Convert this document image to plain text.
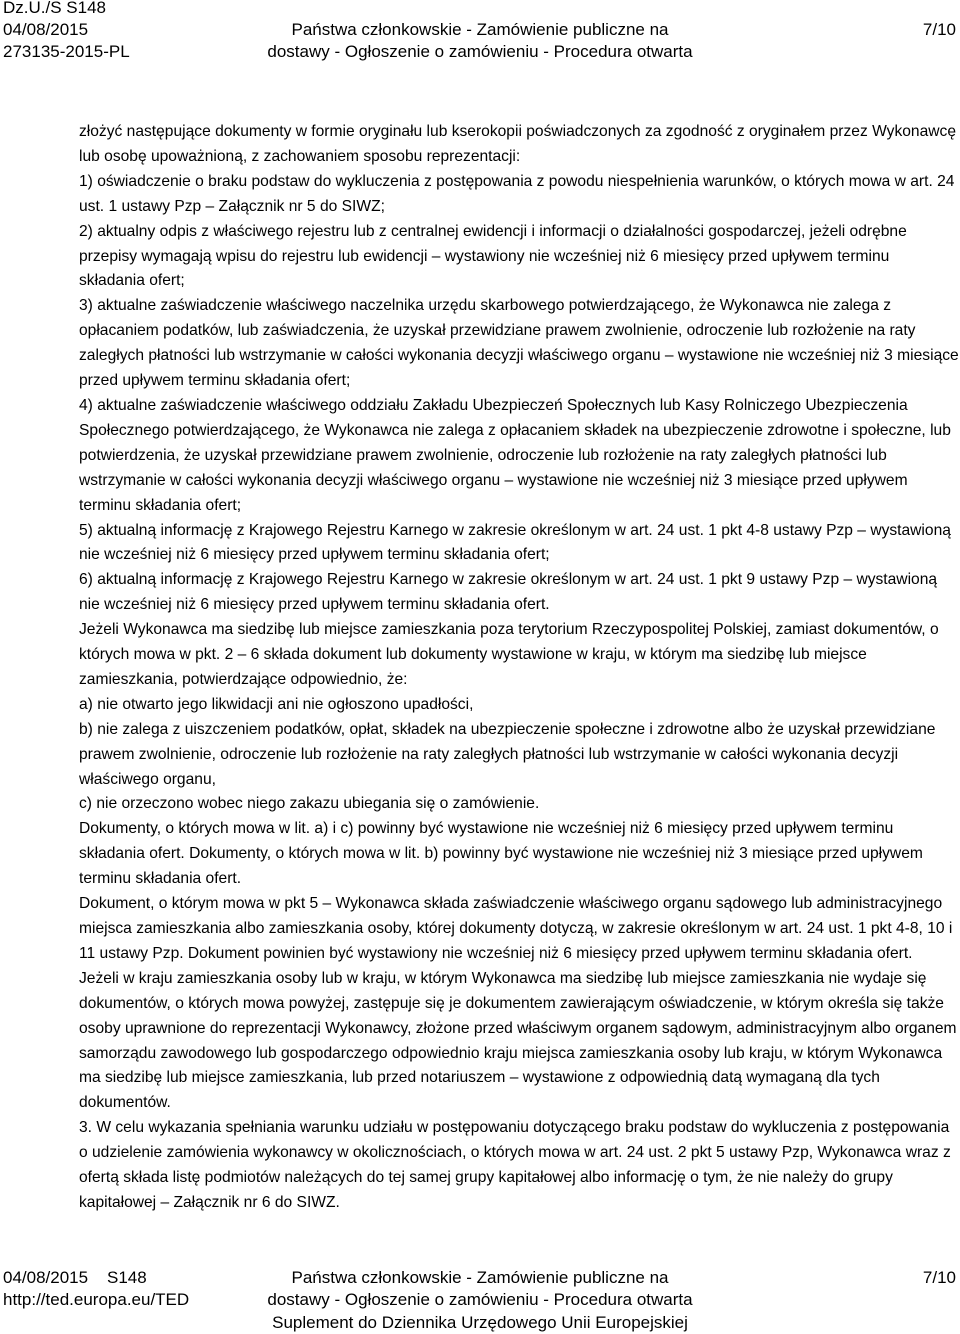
Dz.U./S S148
04/08/2015
273135-2015-PL
Państwa członkowskie - Zamówienie publiczne na
dostawy - Ogłoszenie o zamówieniu - Procedura otwarta
7/10

złożyć następujące dokumenty w formie oryginału lub kserokopii poświadczonych za zgodność z oryginałem przez Wykonawcę lub osobę upoważnioną, z zachowaniem sposobu reprezentacji:

1) oświadczenie o braku podstaw do wykluczenia z postępowania z powodu niespełnienia warunków, o których mowa w art. 24 ust. 1 ustawy Pzp – Załącznik nr 5 do SIWZ;

2) aktualny odpis z właściwego rejestru lub z centralnej ewidencji i informacji o działalności gospodarczej, jeżeli odrębne przepisy wymagają wpisu do rejestru lub ewidencji – wystawiony nie wcześniej niż 6 miesięcy przed upływem terminu składania ofert;

3) aktualne zaświadczenie właściwego naczelnika urzędu skarbowego potwierdzającego, że Wykonawca nie zalega z opłacaniem podatków, lub zaświadczenia, że uzyskał przewidziane prawem zwolnienie, odroczenie lub rozłożenie na raty zaległych płatności lub wstrzymanie w całości wykonania decyzji właściwego organu – wystawione nie wcześniej niż 3 miesiące przed upływem terminu składania ofert;

4) aktualne zaświadczenie właściwego oddziału Zakładu Ubezpieczeń Społecznych lub Kasy Rolniczego Ubezpieczenia Społecznego potwierdzającego, że Wykonawca nie zalega z opłacaniem składek na ubezpieczenie zdrowotne i społeczne, lub potwierdzenia, że uzyskał przewidziane prawem zwolnienie, odroczenie lub rozłożenie na raty zaległych płatności lub wstrzymanie w całości wykonania decyzji właściwego organu – wystawione nie wcześniej niż 3 miesiące przed upływem terminu składania ofert;

5) aktualną informację z Krajowego Rejestru Karnego w zakresie określonym w art. 24 ust. 1 pkt 4-8 ustawy Pzp – wystawioną nie wcześniej niż 6 miesięcy przed upływem terminu składania ofert;

6) aktualną informację z Krajowego Rejestru Karnego w zakresie określonym w art. 24 ust. 1 pkt 9 ustawy Pzp – wystawioną nie wcześniej niż 6 miesięcy przed upływem terminu składania ofert.

Jeżeli Wykonawca ma siedzibę lub miejsce zamieszkania poza terytorium Rzeczypospolitej Polskiej, zamiast dokumentów, o których mowa w pkt. 2 – 6 składa dokument lub dokumenty wystawione w kraju, w którym ma siedzibę lub miejsce zamieszkania, potwierdzające odpowiednio, że:

a) nie otwarto jego likwidacji ani nie ogłoszono upadłości,

b) nie zalega z uiszczeniem podatków, opłat, składek na ubezpieczenie społeczne i zdrowotne albo że uzyskał przewidziane prawem zwolnienie, odroczenie lub rozłożenie na raty zaległych płatności lub wstrzymanie w całości wykonania decyzji właściwego organu,

c) nie orzeczono wobec niego zakazu ubiegania się o zamówienie.

Dokumenty, o których mowa w lit. a) i c) powinny być wystawione nie wcześniej niż 6 miesięcy przed upływem terminu składania ofert. Dokumenty, o których mowa w lit. b) powinny być wystawione nie wcześniej niż 3 miesiące przed upływem terminu składania ofert.

Dokument, o którym mowa w pkt 5 – Wykonawca składa zaświadczenie właściwego organu sądowego lub administracyjnego miejsca zamieszkania albo zamieszkania osoby, której dokumenty dotyczą, w zakresie określonym w art. 24 ust. 1 pkt 4-8, 10 i 11 ustawy Pzp. Dokument powinien być wystawiony nie wcześniej niż 6 miesięcy przed upływem terminu składania ofert.

Jeżeli w kraju zamieszkania osoby lub w kraju, w którym Wykonawca ma siedzibę lub miejsce zamieszkania nie wydaje się dokumentów, o których mowa powyżej, zastępuje się je dokumentem zawierającym oświadczenie, w którym określa się także osoby uprawnione do reprezentacji Wykonawcy, złożone przed właściwym organem sądowym, administracyjnym albo organem samorządu zawodowego lub gospodarczego odpowiednio kraju miejsca zamieszkania osoby lub kraju, w którym Wykonawca ma siedzibę lub miejsce zamieszkania, lub przed notariuszem – wystawione z odpowiednią datą wymaganą dla tych dokumentów.

3. W celu wykazania spełniania warunku udziału w postępowaniu dotyczącego braku podstaw do wykluczenia z postępowania o udzielenie zamówienia wykonawcy w okolicznościach, o których mowa w art. 24 ust. 2 pkt 5 ustawy Pzp, Wykonawca wraz z ofertą składa listę podmiotów należących do tej samej grupy kapitałowej albo informację o tym, że nie należy do grupy kapitałowej – Załącznik nr 6 do SIWZ.

04/08/2015    S148
http://ted.europa.eu/TED
Państwa członkowskie - Zamówienie publiczne na
dostawy - Ogłoszenie o zamówieniu - Procedura otwarta
Suplement do Dziennika Urzędowego Unii Europejskiej
7/10
